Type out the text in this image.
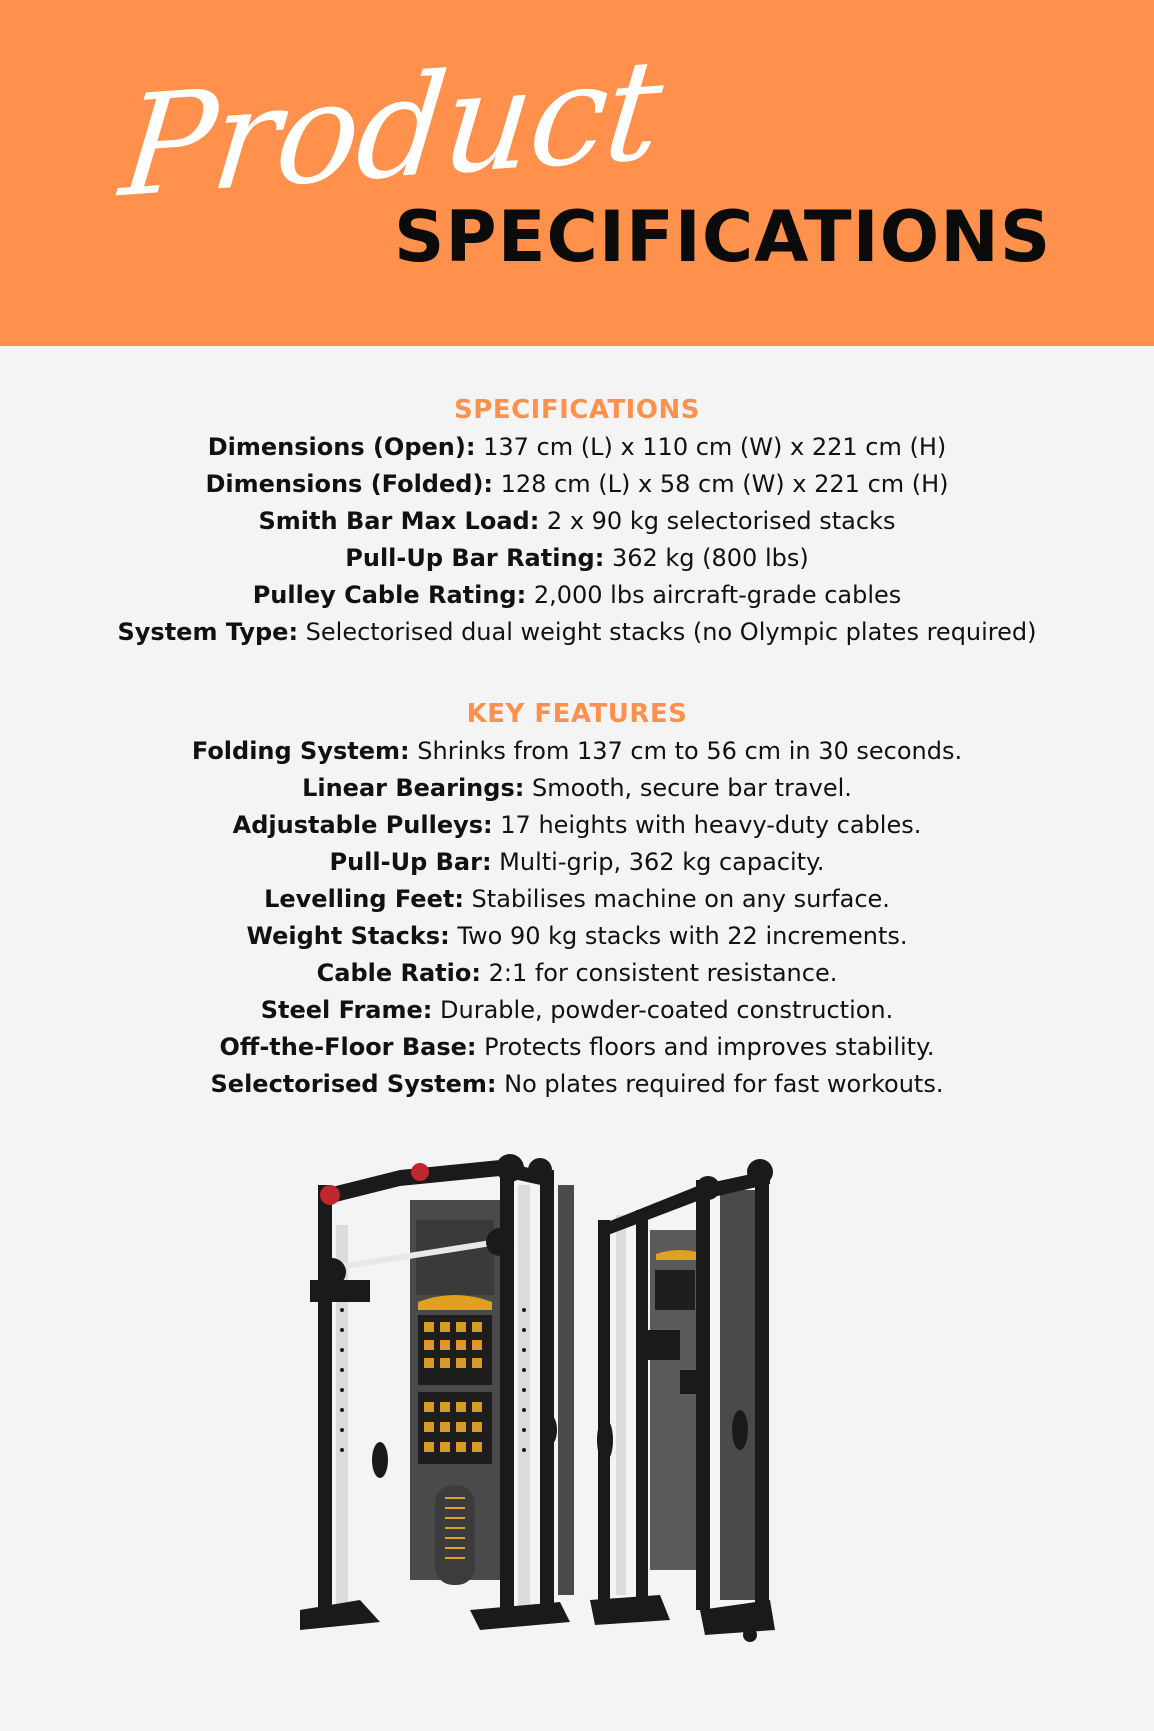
Product
SPECIFICATIONS
SPECIFICATIONS
Dimensions (Open): 137 cm (L) x 110 cm (W) x 221 cm (H)
Dimensions (Folded): 128 cm (L) x 58 cm (W) x 221 cm (H)
Smith Bar Max Load: 2 x 90 kg selectorised stacks
Pull-Up Bar Rating: 362 kg (800 lbs)
Pulley Cable Rating: 2,000 lbs aircraft-grade cables
System Type: Selectorised dual weight stacks (no Olympic plates required)
KEY FEATURES
Folding System: Shrinks from 137 cm to 56 cm in 30 seconds.
Linear Bearings: Smooth, secure bar travel.
Adjustable Pulleys: 17 heights with heavy-duty cables.
Pull-Up Bar: Multi-grip, 362 kg capacity.
Levelling Feet: Stabilises machine on any surface.
Weight Stacks: Two 90 kg stacks with 22 increments.
Cable Ratio: 2:1 for consistent resistance.
Steel Frame: Durable, powder-coated construction.
Off-the-Floor Base: Protects floors and improves stability.
Selectorised System: No plates required for fast workouts.
